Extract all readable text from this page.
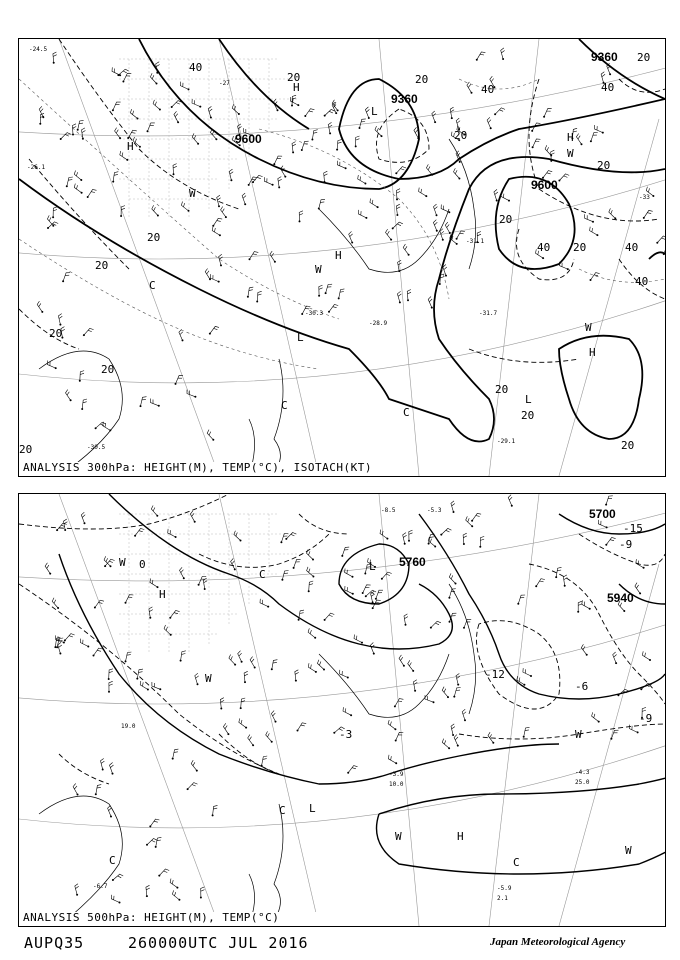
9360
9360
9600
9600
40
20	20
40	40
20
20
20
20
40 20	40
40
20
20
20
20
20
20
20
20
H
H
H
H
H
L
L
L
C
C
C
W
W
W
W
-24.5
-26.1
-27
-28.9
-30.3
-31.1
-31.7
-33
-29.1
-30.5
ANALYSIS 300hPa: HEIGHT(M), TEMP(°C), ISOTACH(KT)
5700
5760
5940
0
-12
-9
-6
-15
-9
-3
H
H
L
L
C
C	C
C
W
W
W
W
W
-5.3
-8.5
-4.3
25.0
-3.9
10.0
-5.9
2.1
-6.7
19.0
ANALYSIS 500hPa: HEIGHT(M), TEMP(°C)
AUPQ35	260000UTC JUL 2016	Japan Meteorological Agency
